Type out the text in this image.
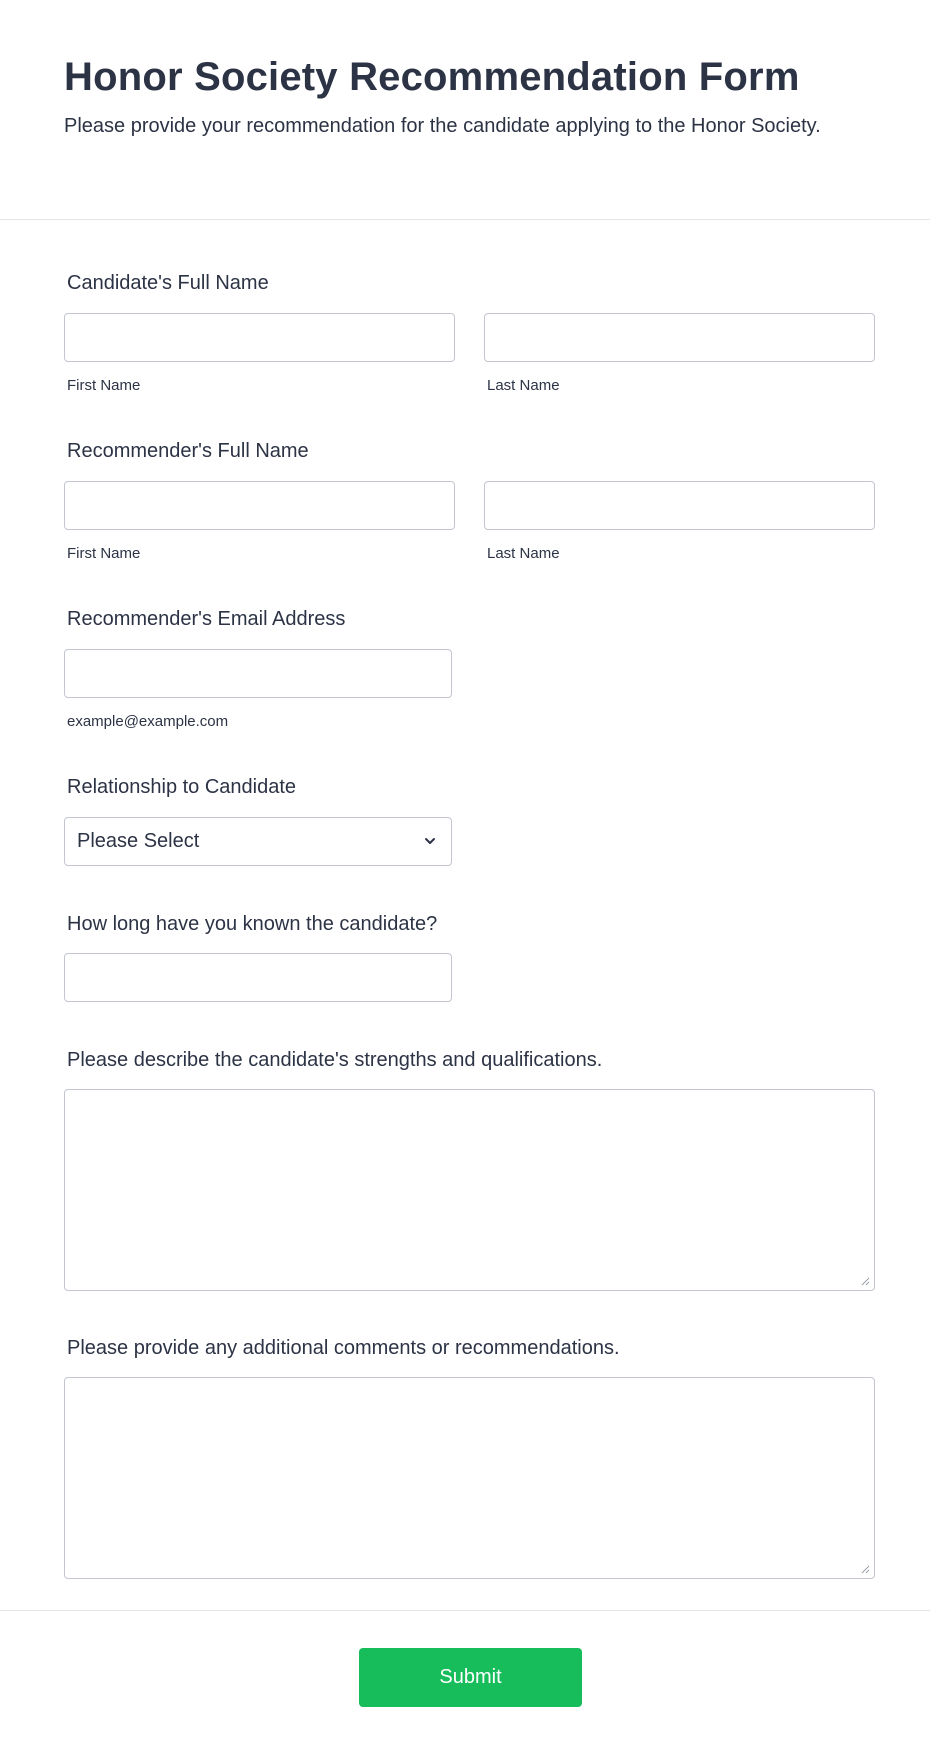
Honor Society Recommendation Form

Please provide your recommendation for the candidate applying to the Honor Society.

Candidate's Full Name
First Name	Last Name
Recommender's Full Name
First Name	Last Name
Recommender's Email Address
example@example.com
Relationship to Candidate
Please Select
How long have you known the candidate?
Please describe the candidate's strengths and qualifications.
Please provide any additional comments or recommendations.
Submit
